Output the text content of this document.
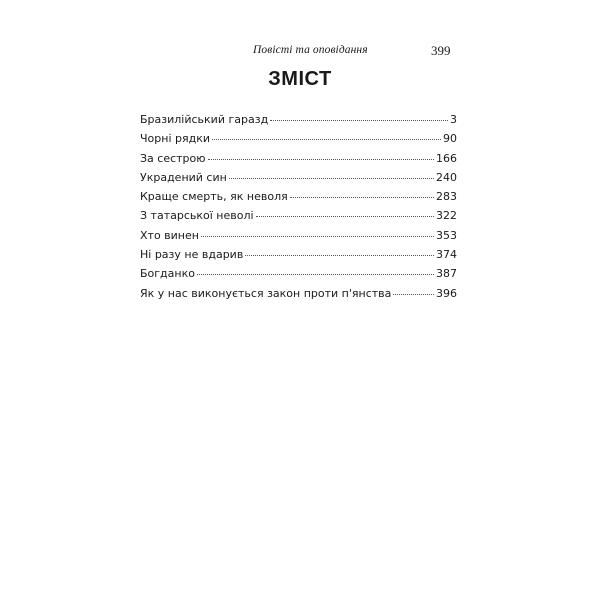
Повісті та оповідання	399
ЗМІСТ
Бразилійський гаразд	3
Чорні рядки	90
За сестрою	166
Украдений син	240
Краще смерть, як неволя	283
З татарської неволі	322
Хто винен	353
Ні разу не вдарив	374
Богданко	387
Як у нас виконується закон проти п'янства	396
